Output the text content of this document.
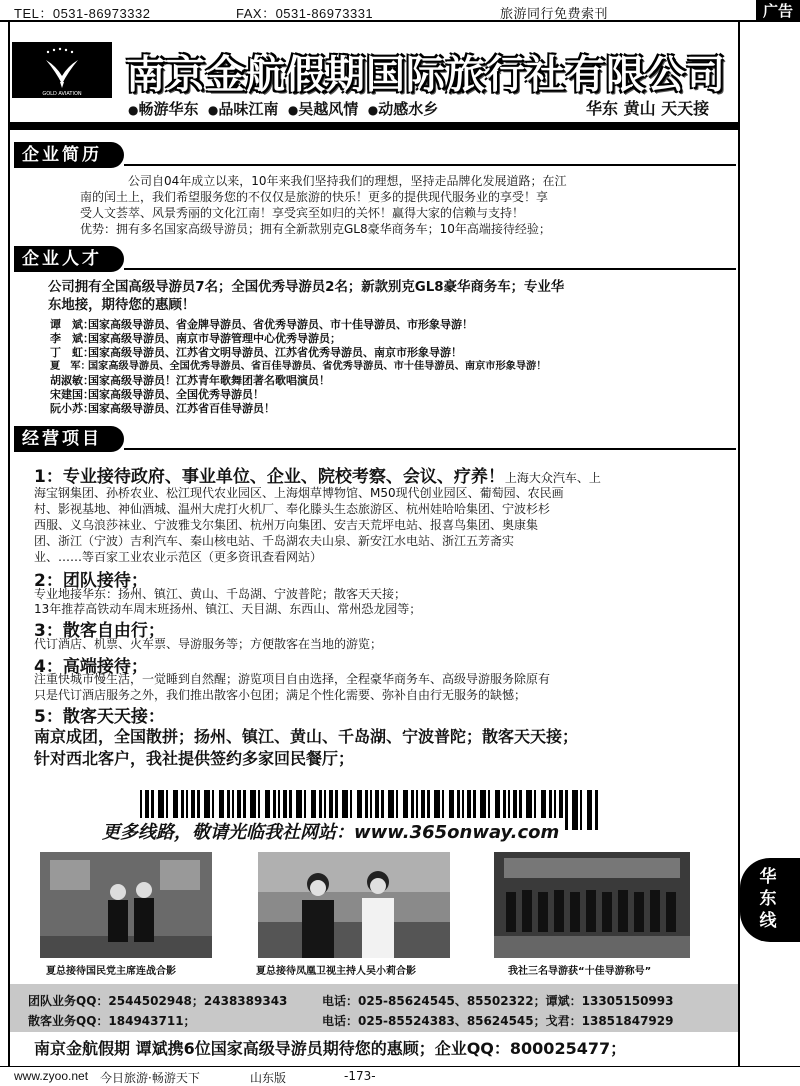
TEL：0531-86973332	FAX：0531-86973331	旅游同行免费索刊	广告
GOLD AVIATION 南京金航假期国际旅行社有限公司
●畅游华东  ●品味江南  ●吴越风情  ●动感水乡	华东 黄山 天天接
企业简历
公司自04年成立以来，10年来我们坚持我们的理想，坚持走品牌化发展道路；在江
南的闰土上，我们希望服务您的不仅仅是旅游的快乐！更多的提供现代服务业的享受！享
受人文荟萃、风景秀丽的文化江南！享受宾至如归的关怀！赢得大家的信赖与支持！
优势：拥有多名国家高级导游员；拥有全新款别克GL8豪华商务车；10年高端接待经验；
企业人才
公司拥有全国高级导游员7名；全国优秀导游员2名；新款别克GL8豪华商务车；专业华
东地接，期待您的惠顾！
谭　斌：国家高级导游员、省金牌导游员、省优秀导游员、市十佳导游员、市形象导游！
李　斌：国家高级导游员、南京市导游管理中心优秀导游员；
丁　虹：国家高级导游员、江苏省文明导游员、江苏省优秀导游员、南京市形象导游！
夏　军：国家高级导游员、全国优秀导游员、省百佳导游员、省优秀导游员、市十佳导游员、南京市形象导游！
胡淑敏：国家高级导游员！江苏青年歌舞团著名歌唱演员！
宋建国：国家高级导游员、全国优秀导游员！
阮小苏：国家高级导游员、江苏省百佳导游员！
经营项目
1：专业接待政府、事业单位、企业、院校考察、会议、疗养！上海大众汽车、上
海宝钢集团、孙桥农业、松江现代农业园区、上海烟草博物馆、M50现代创业园区、葡萄园、农民画
村、影视基地、神仙酒城、温州大虎打火机厂、奉化滕头生态旅游区、杭州娃哈哈集团、宁波杉杉
西服、义乌浪莎袜业、宁波雅戈尔集团、杭州万向集团、安吉天荒坪电站、报喜鸟集团、奥康集
团、浙江（宁波）吉利汽车、秦山核电站、千岛湖农夫山泉、新安江水电站、浙江五芳斋实
业、……等百家工业农业示范区（更多资讯查看网站）
2：团队接待；
专业地接华东：扬州、镇江、黄山、千岛湖、宁波普陀；散客天天接；
13年推荐高铁动车周末班扬州、镇江、天目湖、东西山、常州恐龙园等；
3：散客自由行；
代订酒店、机票、火车票、导游服务等；方便散客在当地的游览；
4：高端接待；
注重快城市慢生活，一觉睡到自然醒；游览项目自由选择，全程豪华商务车、高级导游服务除原有
只是代订酒店服务之外，我们推出散客小包团；满足个性化需要、弥补自由行无服务的缺憾；
5：散客天天接：
南京成团，全国散拼；扬州、镇江、黄山、千岛湖、宁波普陀；散客天天接；
针对西北客户，我社提供签约多家回民餐厅；
更多线路，敬请光临我社网站：www.365onway.com
夏总接待国民党主席连战合影	夏总接待凤凰卫视主持人吴小莉合影	我社三名导游获“十佳导游称号”
华
东
线
团队业务QQ：2544502948；2438389343	电话：025-85624545、85502322；谭斌：13305150993
散客业务QQ：184943711；	电话：025-85524383、85624545；戈君：13851847929
南京金航假期 谭斌携6位国家高级导游员期待您的惠顾；企业QQ：800025477；
www.zyoo.net 今日旅游·畅游天下	山东版	-173-
